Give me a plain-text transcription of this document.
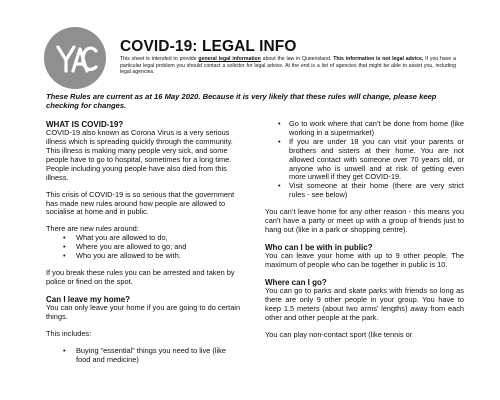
COVID-19: LEGAL INFO
This sheet is intended to provide general legal information about the law in Queensland. This information is not legal advice. If you have a particular legal problem you should contact a solicitor for legal advice. At the end is a list of agencies that might be able to assist you, including legal agencies.
These Rules are current as at 16 May 2020. Because it is very likely that these rules will change, please keep checking for changes.
WHAT IS COVID-19?

COVID-19 also known as Corona Virus is a very serious illness which is spreading quickly through the community. This illness is making many people very sick, and some people have to go to hospital, sometimes for a long time. People including young people have also died from this illness.

This crisis of COVID-19 is so serious that the government has made new rules around how people are allowed to socialise at home and in public.

There are new rules around:

• What you are allowed to do,
• Where you are allowed to go; and
• Who you are allowed to be with.

If you break these rules you can be arrested and taken by police or fined on the spot.

Can I leave my home?

You can only leave your home if you are going to do certain things.

This includes:

• Buying “essential” things you need to live (like food and medicine)
• Go to work where that can’t be done from home (like working in a supermarket)
• If you are under 18 you can visit your parents or brothers and sisters at their home. You are not allowed contact with someone over 70 years old, or anyone who is unwell and at risk of getting even more unwell if they get COVID-19.
• Visit someone at their home (there are very strict rules - see below)

You can’t leave home for any other reason - this means you can’t have a party or meet up with a group of friends just to hang out (like in a park or shopping centre).

Who can I be with in public?

You can leave your home with up to 9 other people. The maximum of people who can be together in public is 10.

Where can I go?

You can go to parks and skate parks with friends so long as there are only 9 other people in your group. You have to keep 1.5 meters (about two arms’ lengths) away from each other and other people at the park.

You can play non-contact sport (like tennis or
